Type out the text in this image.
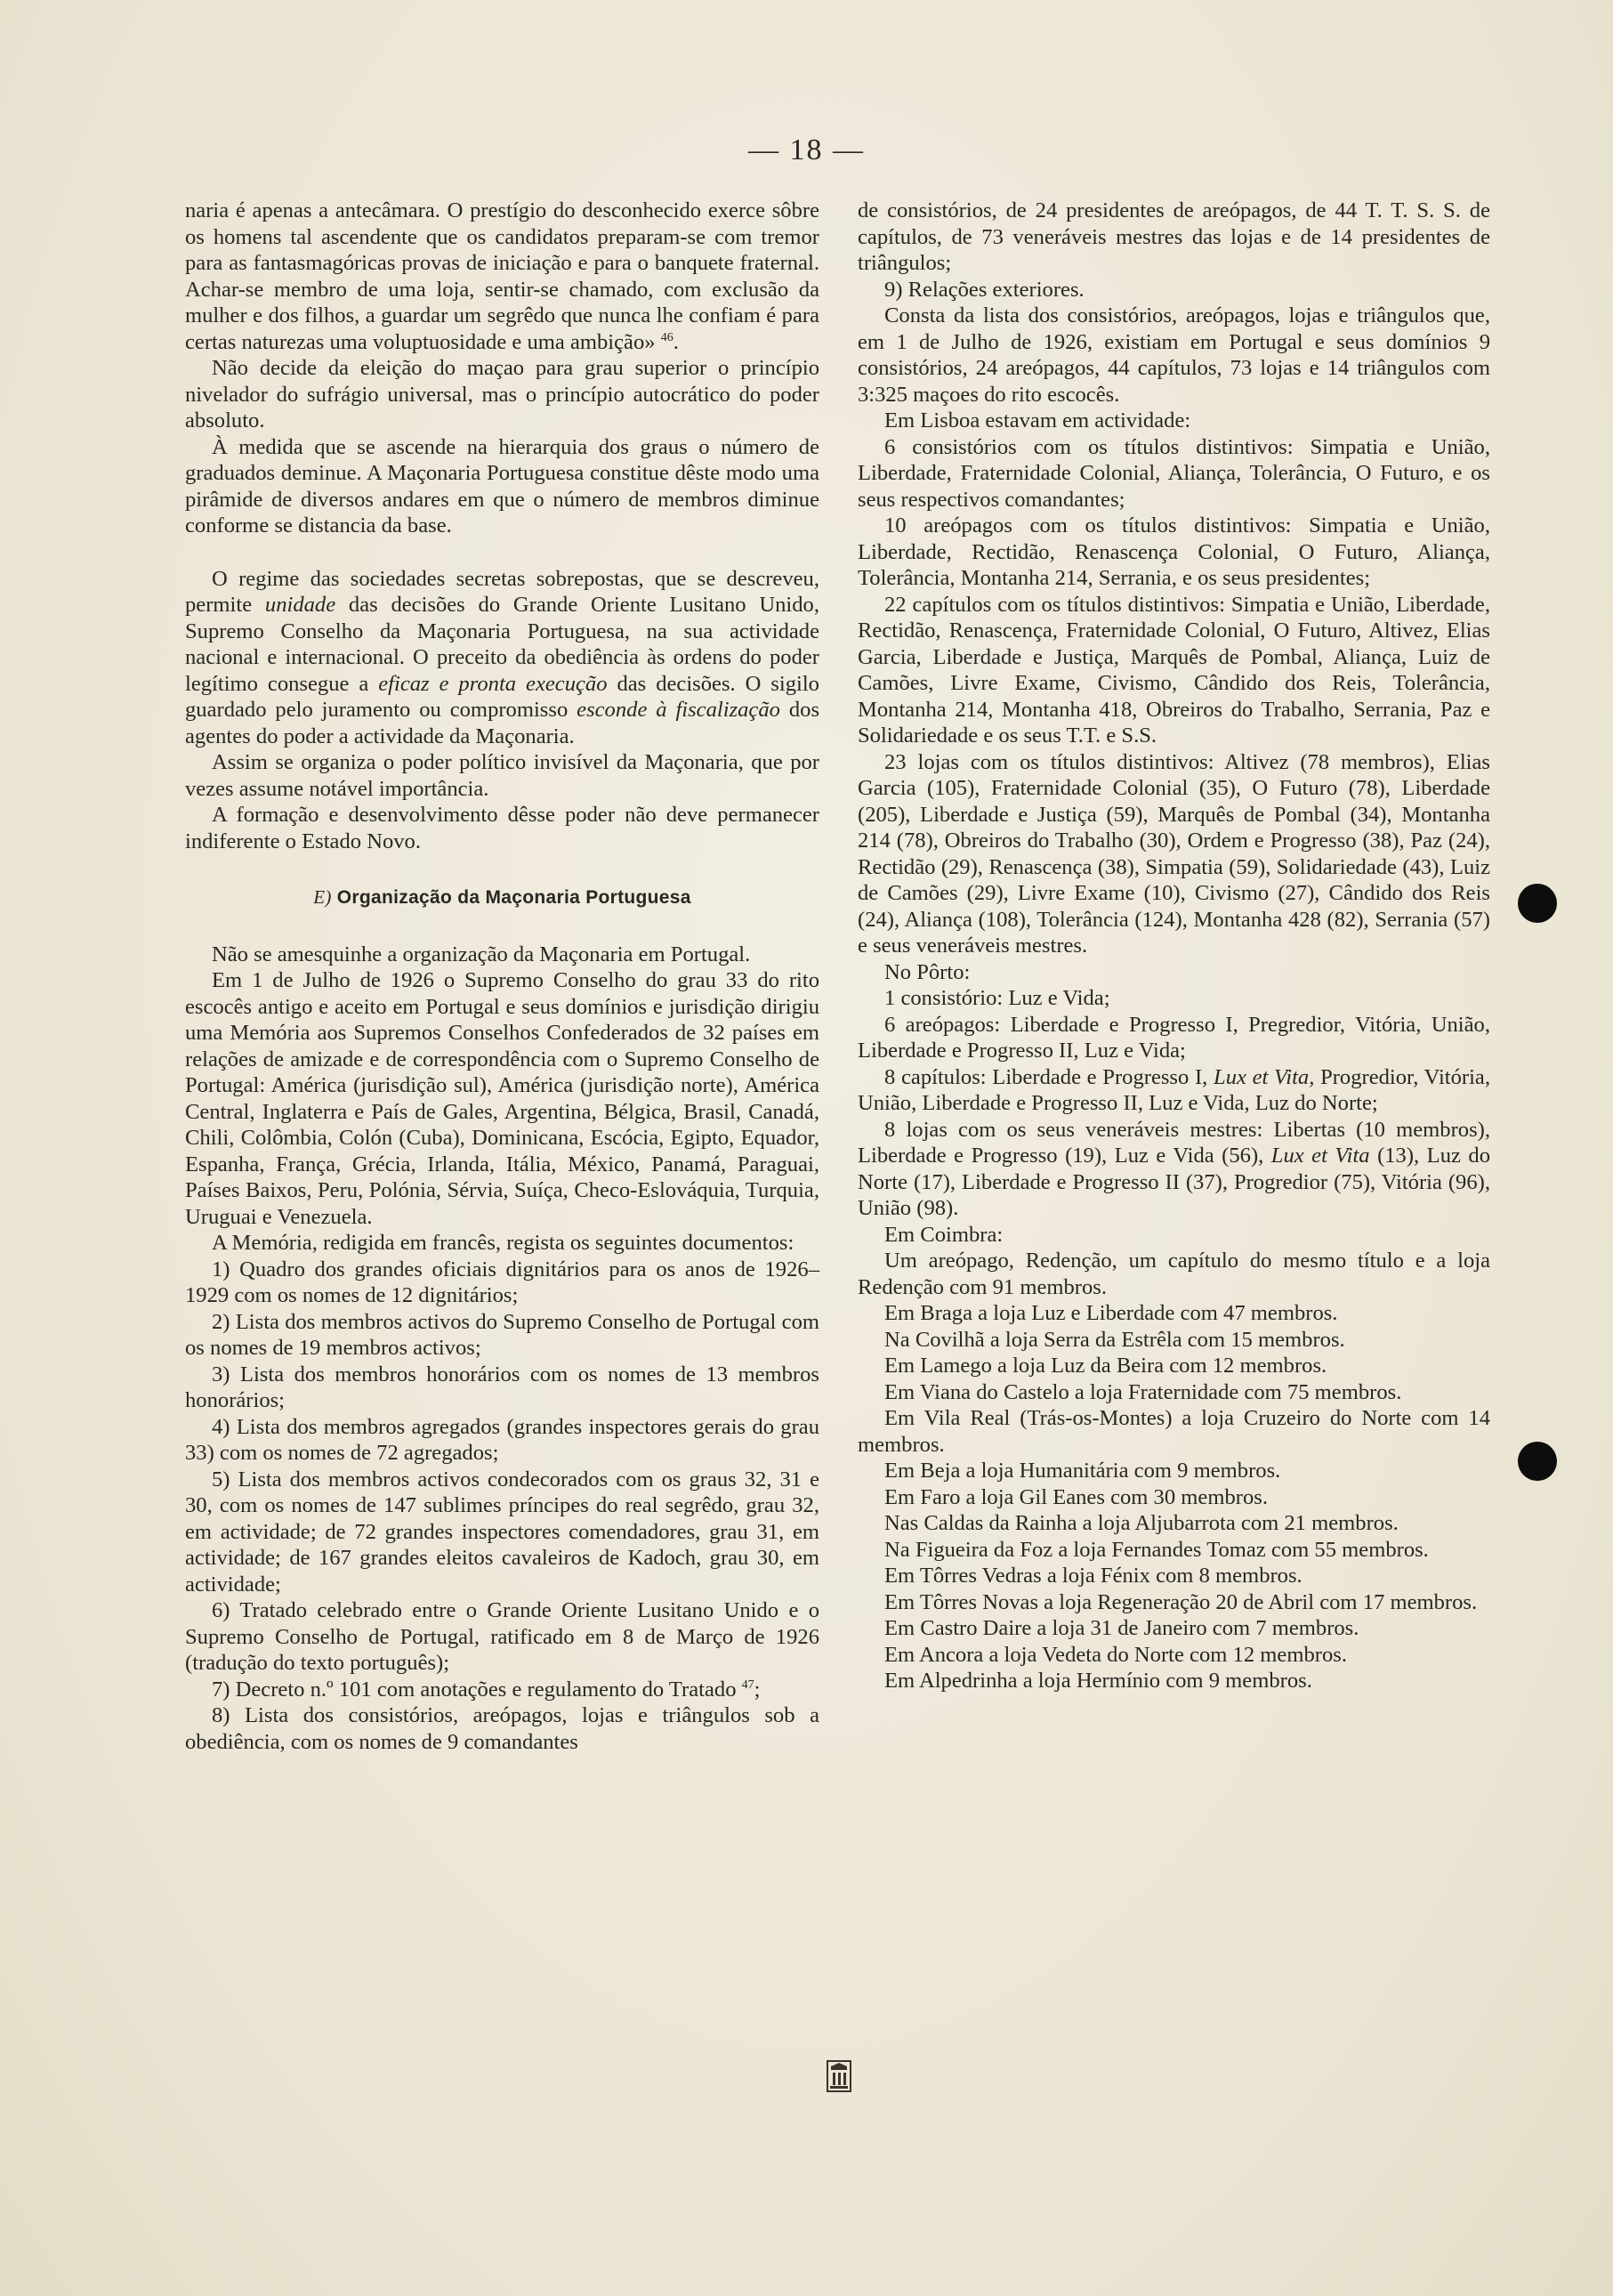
— 18 —

naria é apenas a antecâmara. O prestígio do desconhecido exerce sôbre os homens tal ascendente que os candidatos preparam-se com tremor para as fantasmagóricas provas de iniciação e para o banquete fraternal. Achar-se membro de uma loja, sentir-se chamado, com exclusão da mulher e dos filhos, a guardar um segrêdo que nunca lhe confiam é para certas naturezas uma voluptuosidade e uma ambição» $^{46}$.

Não decide da eleição do maçao para grau superior o princípio nivelador do sufrágio universal, mas o princípio autocrático do poder absoluto.

À medida que se ascende na hierarquia dos graus o número de graduados deminue. A Maçonaria Portuguesa constitue dêste modo uma pirâmide de diversos andares em que o número de membros diminue conforme se distancia da base.

O regime das sociedades secretas sobrepostas, que se descreveu, permite unidade das decisões do Grande Oriente Lusitano Unido, Supremo Conselho da Maçonaria Portuguesa, na sua actividade nacional e internacional. O preceito da obediência às ordens do poder legítimo consegue a eficaz e pronta execução das decisões. O sigilo guardado pelo juramento ou compromisso esconde à fiscalização dos agentes do poder a actividade da Maçonaria.

Assim se organiza o poder político invisível da Maçonaria, que por vezes assume notável importância.

A formação e desenvolvimento dêsse poder não deve permanecer indiferente o Estado Novo.

E) Organização da Maçonaria Portuguesa

Não se amesquinhe a organização da Maçonaria em Portugal.

Em 1 de Julho de 1926 o Supremo Conselho do grau 33 do rito escocês antigo e aceito em Portugal e seus domínios e jurisdição dirigiu uma Memória aos Supremos Conselhos Confederados de 32 países em relações de amizade e de correspondência com o Supremo Conselho de Portugal: América (jurisdição sul), América (jurisdição norte), América Central, Inglaterra e País de Gales, Argentina, Bélgica, Brasil, Canadá, Chili, Colômbia, Colón (Cuba), Dominicana, Escócia, Egipto, Equador, Espanha, França, Grécia, Irlanda, Itália, México, Panamá, Paraguai, Países Baixos, Peru, Polónia, Sérvia, Suíça, Checo-Eslováquia, Turquia, Uruguai e Venezuela.

A Memória, redigida em francês, regista os seguintes documentos:

1) Quadro dos grandes oficiais dignitários para os anos de 1926–1929 com os nomes de 12 dignitários;

2) Lista dos membros activos do Supremo Conselho de Portugal com os nomes de 19 membros activos;

3) Lista dos membros honorários com os nomes de 13 membros honorários;

4) Lista dos membros agregados (grandes inspectores gerais do grau 33) com os nomes de 72 agregados;

5) Lista dos membros activos condecorados com os graus 32, 31 e 30, com os nomes de 147 sublimes príncipes do real segrêdo, grau 32, em actividade; de 72 grandes inspectores comendadores, grau 31, em actividade; de 167 grandes eleitos cavaleiros de Kadoch, grau 30, em actividade;

6) Tratado celebrado entre o Grande Oriente Lusitano Unido e o Supremo Conselho de Portugal, ratificado em 8 de Março de 1926 (tradução do texto português);

7) Decreto n.º 101 com anotações e regulamento do Tratado $^{47}$;

8) Lista dos consistórios, areópagos, lojas e triângulos sob a obediência, com os nomes de 9 comandantes

de consistórios, de 24 presidentes de areópagos, de 44 T. T. S. S. de capítulos, de 73 veneráveis mestres das lojas e de 14 presidentes de triângulos;

9) Relações exteriores.

Consta da lista dos consistórios, areópagos, lojas e triângulos que, em 1 de Julho de 1926, existiam em Portugal e seus domínios 9 consistórios, 24 areópagos, 44 capítulos, 73 lojas e 14 triângulos com 3:325 maçoes do rito escocês.

Em Lisboa estavam em actividade:

6 consistórios com os títulos distintivos: Simpatia e União, Liberdade, Fraternidade Colonial, Aliança, Tolerância, O Futuro, e os seus respectivos comandantes;

10 areópagos com os títulos distintivos: Simpatia e União, Liberdade, Rectidão, Renascença Colonial, O Futuro, Aliança, Tolerância, Montanha 214, Serrania, e os seus presidentes;

22 capítulos com os títulos distintivos: Simpatia e União, Liberdade, Rectidão, Renascença, Fraternidade Colonial, O Futuro, Altivez, Elias Garcia, Liberdade e Justiça, Marquês de Pombal, Aliança, Luiz de Camões, Livre Exame, Civismo, Cândido dos Reis, Tolerância, Montanha 214, Montanha 418, Obreiros do Trabalho, Serrania, Paz e Solidariedade e os seus T.T. e S.S.

23 lojas com os títulos distintivos: Altivez (78 membros), Elias Garcia (105), Fraternidade Colonial (35), O Futuro (78), Liberdade (205), Liberdade e Justiça (59), Marquês de Pombal (34), Montanha 214 (78), Obreiros do Trabalho (30), Ordem e Progresso (38), Paz (24), Rectidão (29), Renascença (38), Simpatia (59), Solidariedade (43), Luiz de Camões (29), Livre Exame (10), Civismo (27), Cândido dos Reis (24), Aliança (108), Tolerância (124), Montanha 428 (82), Serrania (57) e seus veneráveis mestres.

No Pôrto:

1 consistório: Luz e Vida;

6 areópagos: Liberdade e Progresso I, Pregredior, Vitória, União, Liberdade e Progresso II, Luz e Vida;

8 capítulos: Liberdade e Progresso I, Lux et Vita, Progredior, Vitória, União, Liberdade e Progresso II, Luz e Vida, Luz do Norte;

8 lojas com os seus veneráveis mestres: Libertas (10 membros), Liberdade e Progresso (19), Luz e Vida (56), Lux et Vita (13), Luz do Norte (17), Liberdade e Progresso II (37), Progredior (75), Vitória (96), União (98).

Em Coimbra:

Um areópago, Redenção, um capítulo do mesmo título e a loja Redenção com 91 membros.

Em Braga a loja Luz e Liberdade com 47 membros.

Na Covilhã a loja Serra da Estrêla com 15 membros.

Em Lamego a loja Luz da Beira com 12 membros.

Em Viana do Castelo a loja Fraternidade com 75 membros.

Em Vila Real (Trás-os-Montes) a loja Cruzeiro do Norte com 14 membros.

Em Beja a loja Humanitária com 9 membros.

Em Faro a loja Gil Eanes com 30 membros.

Nas Caldas da Rainha a loja Aljubarrota com 21 membros.

Na Figueira da Foz a loja Fernandes Tomaz com 55 membros.

Em Tôrres Vedras a loja Fénix com 8 membros.

Em Tôrres Novas a loja Regeneração 20 de Abril com 17 membros.

Em Castro Daire a loja 31 de Janeiro com 7 membros.

Em Ancora a loja Vedeta do Norte com 12 membros.

Em Alpedrinha a loja Hermínio com 9 membros.
